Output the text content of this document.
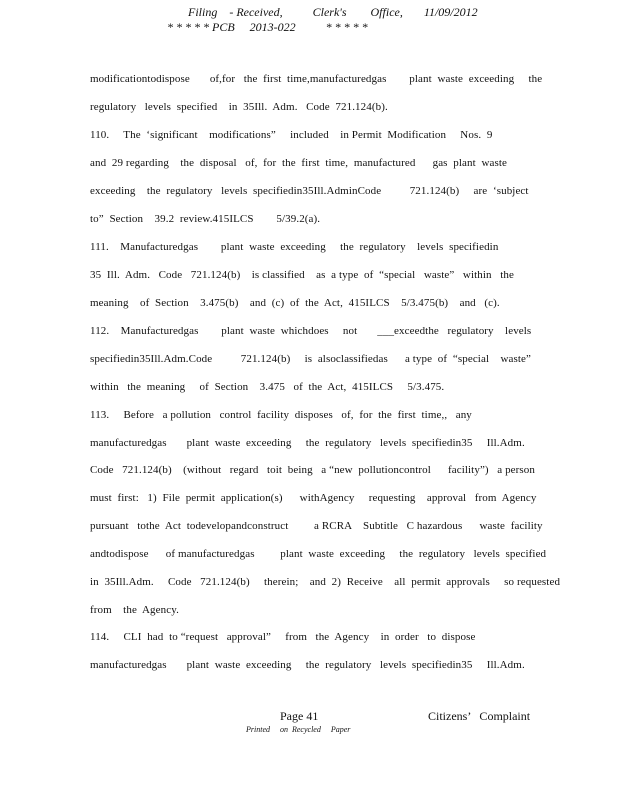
Filing    - Received,          Clerk's        Office,       11/09/2012
* * * * * PCB     2013-022          * * * * *
modificationtodispose       of,for   the  first  time,manufacturedgas        plant  waste  exceeding     the
regulatory   levels  specified    in  35Ill.  Adm.   Code  721.124(b).
110.     The  ‘significant    modifications”     included    in Permit  Modification     Nos.  9
and  29 regarding    the  disposal   of,  for  the  first  time,  manufactured      gas  plant  waste
exceeding    the  regulatory   levels  specifiedin35Ill.AdminCode          721.124(b)     are  ‘subject
to”  Section    39.2  review.415ILCS        5/39.2(a).
111.    Manufacturedgas        plant  waste  exceeding     the  regulatory    levels  specifiedin
35  Ill.  Adm.   Code   721.124(b)    is classified    as  a type  of  “special   waste”   within   the
meaning    of  Section    3.475(b)    and  (c)  of  the  Act,  415ILCS    5/3.475(b)    and   (c).
112.    Manufacturedgas        plant  waste  whichdoes     not       ___exceedthe   regulatory    levels
specifiedin35Ill.Adm.Code          721.124(b)     is  alsoclassifiedas      a type  of  “special    waste”
within   the  meaning     of  Section    3.475   of  the  Act,  415ILCS     5/3.475.
113.     Before   a pollution   control  facility  disposes   of,  for  the  first  time,,   any
manufacturedgas       plant  waste  exceeding     the  regulatory   levels  specifiedin35     Ill.Adm.
Code   721.124(b)    (without   regard   toit  being   a “new  pollutioncontrol      facility”)   a person
must  first:   1)  File  permit  application(s)      withAgency     requesting    approval   from  Agency
pursuant   tothe  Act  todevelopandconstruct         a RCRA    Subtitle   C hazardous      waste  facility
andtodispose      of manufacturedgas         plant  waste  exceeding     the  regulatory   levels  specified
in  35Ill.Adm.     Code   721.124(b)     therein;    and  2)  Receive    all  permit  approvals     so requested
from    the  Agency.
114.     CLI  had  to “request   approval”     from   the  Agency    in  order   to  dispose
manufacturedgas       plant  waste  exceeding     the  regulatory   levels  specifiedin35     Ill.Adm.
Page 41	Citizens’   Complaint
Printed     on  Recycled     Paper
